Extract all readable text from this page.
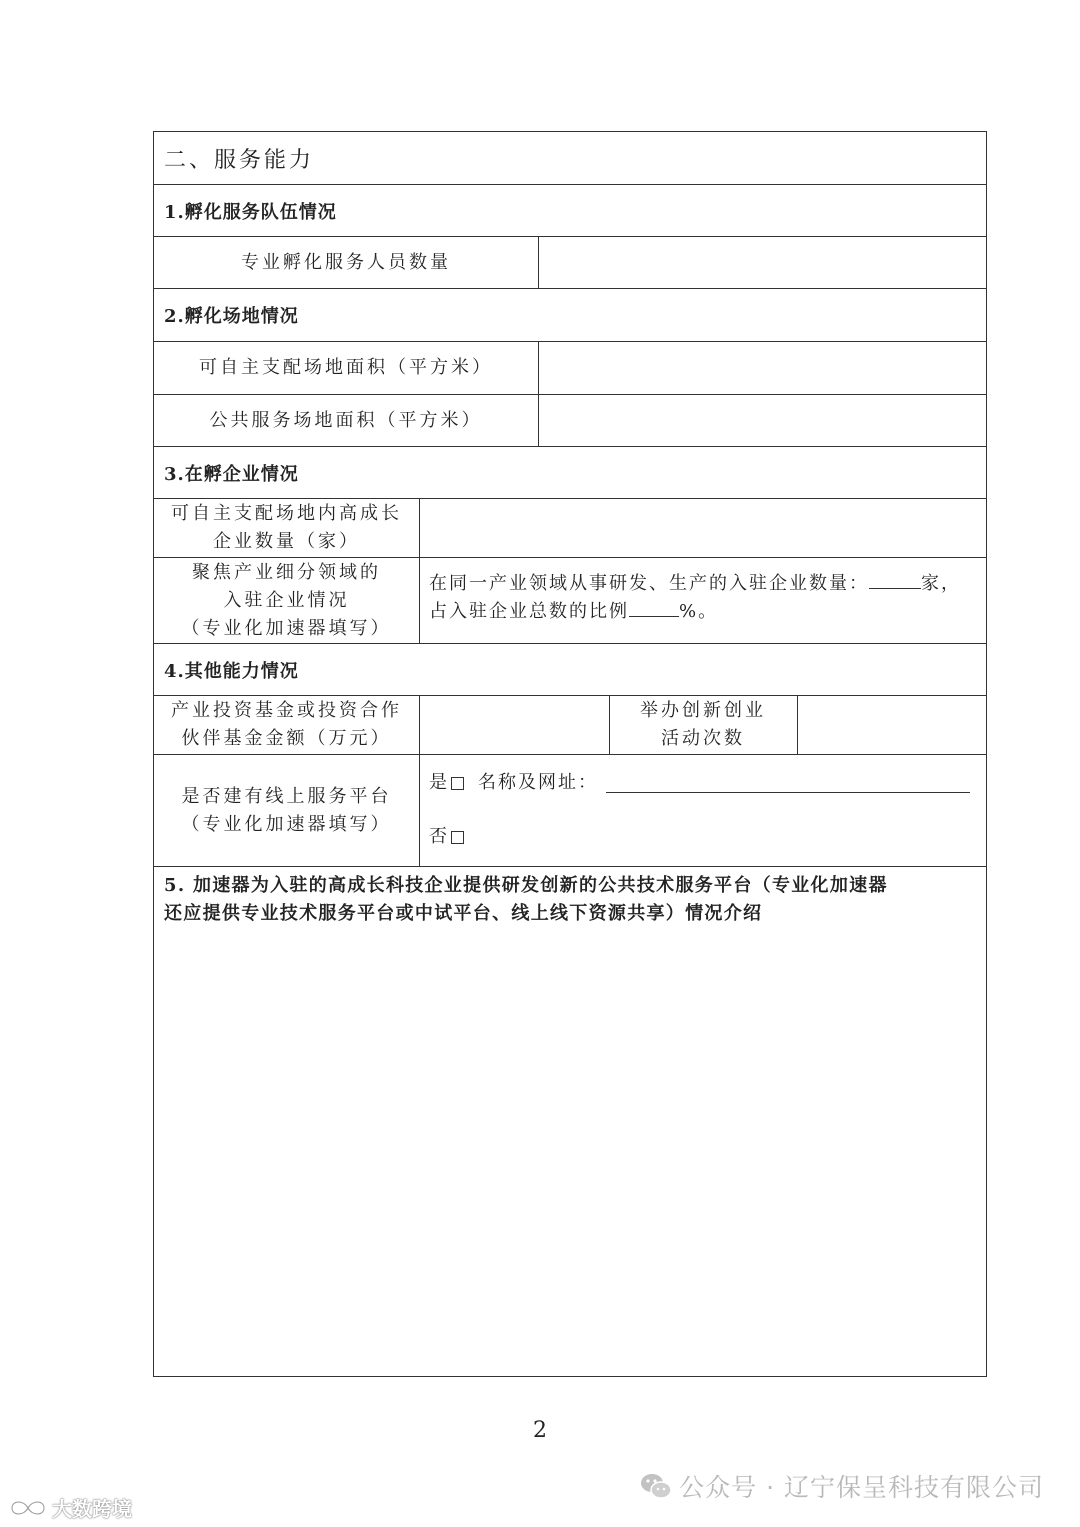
二、服务能力
1.孵化服务队伍情况
专业孵化服务人员数量
2.孵化场地情况
可自主支配场地面积（平方米）
公共服务场地面积（平方米）
3.在孵企业情况
可自主支配场地内高成长
企业数量（家）
聚焦产业细分领域的
入驻企业情况
（专业化加速器填写）
在同一产业领域从事研发、生产的入驻企业数量：	家，
占入驻企业总数的比例	%。
4.其他能力情况
产业投资基金或投资合作
伙伴基金金额（万元）
举办创新创业
活动次数
是否建有线上服务平台
（专业化加速器填写）
是 名称及网址：
否
5. 加速器为入驻的高成长科技企业提供研发创新的公共技术服务平台（专业化加速器
还应提供专业技术服务平台或中试平台、线上线下资源共享）情况介绍
2
公众号 · 辽宁保呈科技有限公司
大数跨境
